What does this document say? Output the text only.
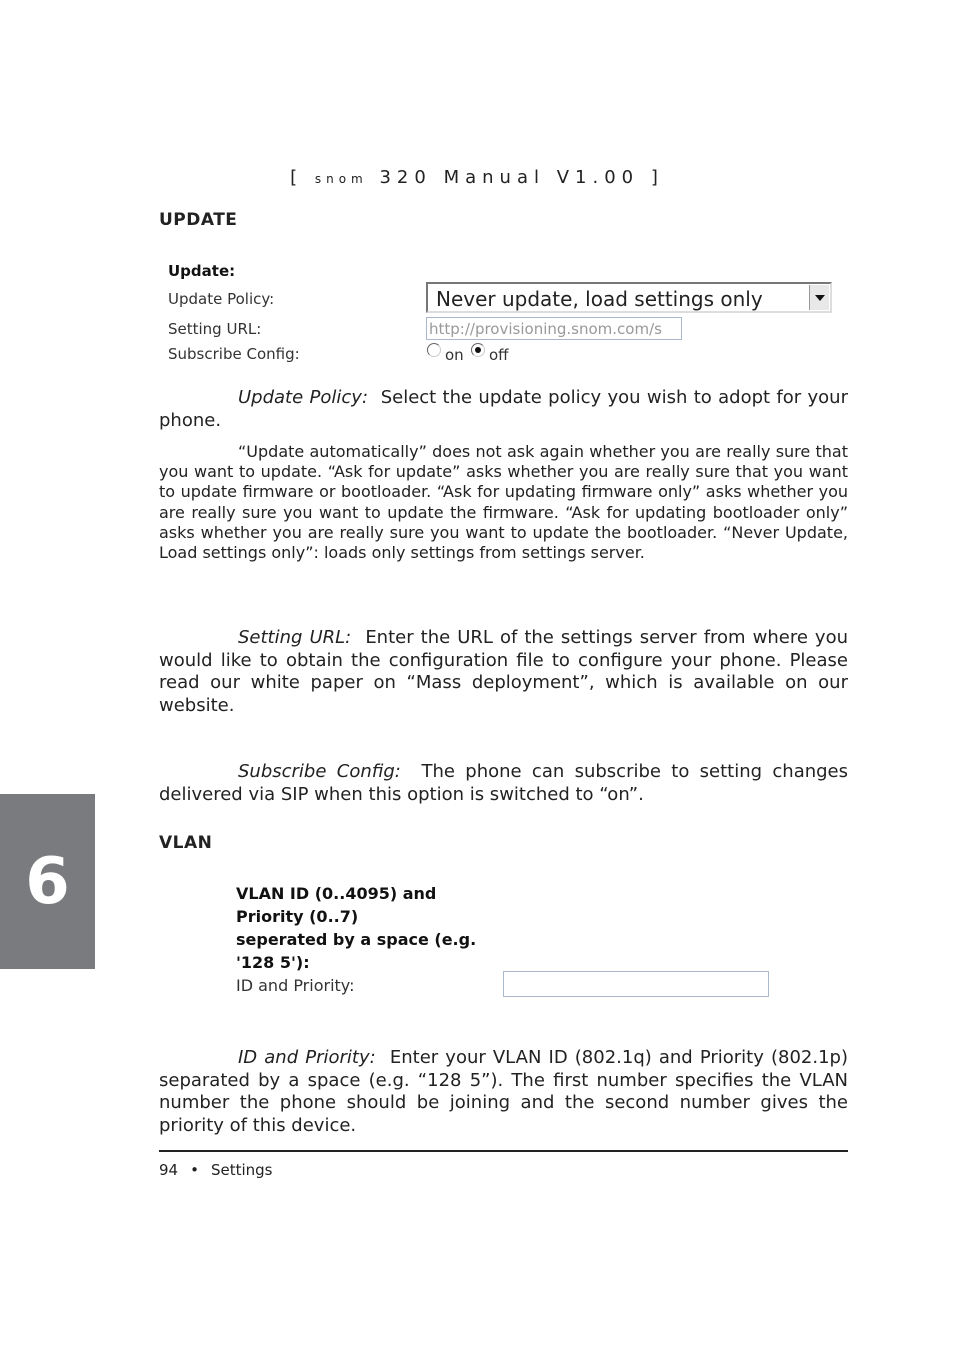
[ snom 320 Manual V1.00 ]
UPDATE
Update:
Update Policy:	Never update, load settings only
Setting URL:
http://provisioning.snom.com/s
Subscribe Config:	on off
Update Policy: Select the update policy you wish to adopt for your phone.
“Update automatically” does not ask again whether you are really sure that you want to update. “Ask for update” asks whether you are really sure that you want to update firmware or bootloader. “Ask for updating firmware only” asks whether you are really sure you want to update the firmware. “Ask for updating bootloader only” asks whether you are really sure you want to update the bootloader. “Never Update, Load settings only”: loads only settings from settings server.
Setting URL: Enter the URL of the settings server from where you would like to obtain the configuration file to configure your phone. Please read our white paper on “Mass deployment”, which is available on our website.
Subscribe Config: The phone can subscribe to setting changes delivered via SIP when this option is switched to “on”.
VLAN
VLAN ID (0..4095) and
Priority (0..7)
seperated by a space (e.g.
'128 5'):
ID and Priority:
ID and Priority: Enter your VLAN ID (802.1q) and Priority (802.1p) separated by a space (e.g. “128 5”). The first number specifies the VLAN number the phone should be joining and the second number gives the priority of this device.
6
94 • Settings
